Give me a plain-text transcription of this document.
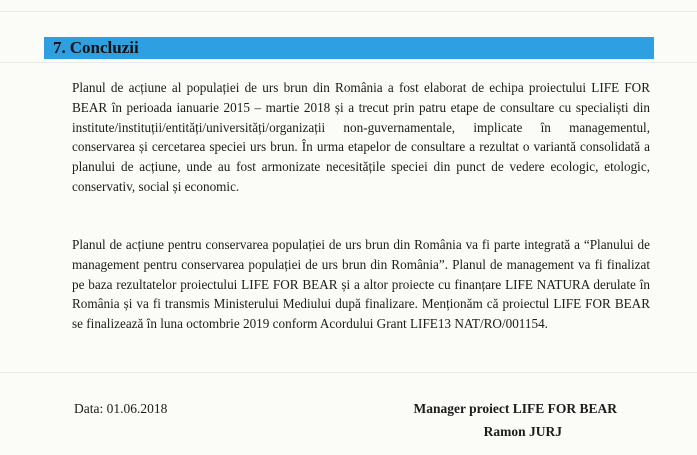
7. Concluzii

Planul de acțiune al populației de urs brun din România a fost elaborat de echipa proiectului LIFE FOR BEAR în perioada ianuarie 2015 – martie 2018 și a trecut prin patru etape de consultare cu specialiști din institute/instituții/entități/universități/organizații non-guvernamentale, implicate în managementul, conservarea și cercetarea speciei urs brun. În urma etapelor de consultare a rezultat o variantă consolidată a planului de acțiune, unde au fost armonizate necesitățile speciei din punct de vedere ecologic, etologic, conservativ, social și economic.

Planul de acțiune pentru conservarea populației de urs brun din România va fi parte integrată a “Planului de management pentru conservarea populației de urs brun din România”. Planul de management va fi finalizat pe baza rezultatelor proiectului LIFE FOR BEAR și a altor proiecte cu finanțare LIFE NATURA derulate în România și va fi transmis Ministerului Mediului după finalizare. Menționăm că proiectul LIFE FOR BEAR se finalizează în luna octombrie 2019 conform Acordului Grant LIFE13 NAT/RO/001154.

Data: 01.06.2018	Manager proiect LIFE FOR BEAR
Ramon JURJ
